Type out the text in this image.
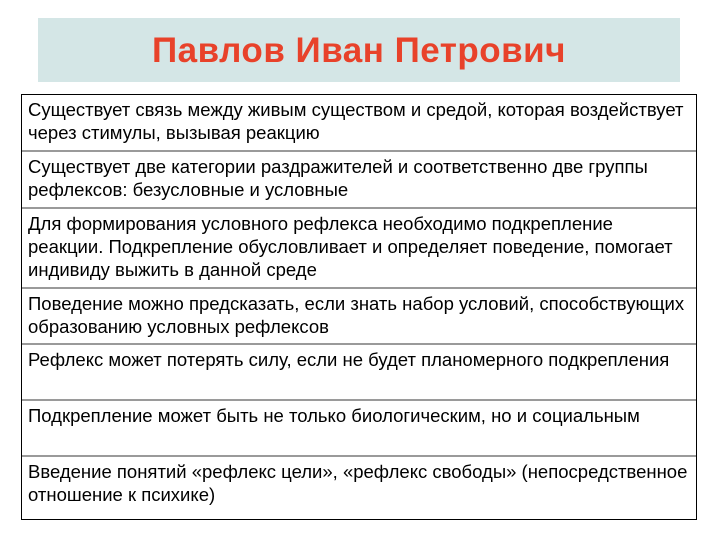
Павлов Иван Петрович
Существует связь между живым существом и средой, которая воздействует через стимулы, вызывая реакцию
Существует две категории раздражителей и соответственно две группы рефлексов: безусловные и условные
Для формирования условного рефлекса необходимо подкрепление реакции. Подкрепление обусловливает и определяет поведение, помогает индивиду выжить в данной среде
Поведение можно предсказать, если знать набор условий, способствующих образованию условных рефлексов
Рефлекс может потерять силу, если не будет планомерного подкрепления
Подкрепление может быть не только биологическим, но и социальным
Введение понятий «рефлекс цели», «рефлекс свободы» (непосредственное отношение к психике)
